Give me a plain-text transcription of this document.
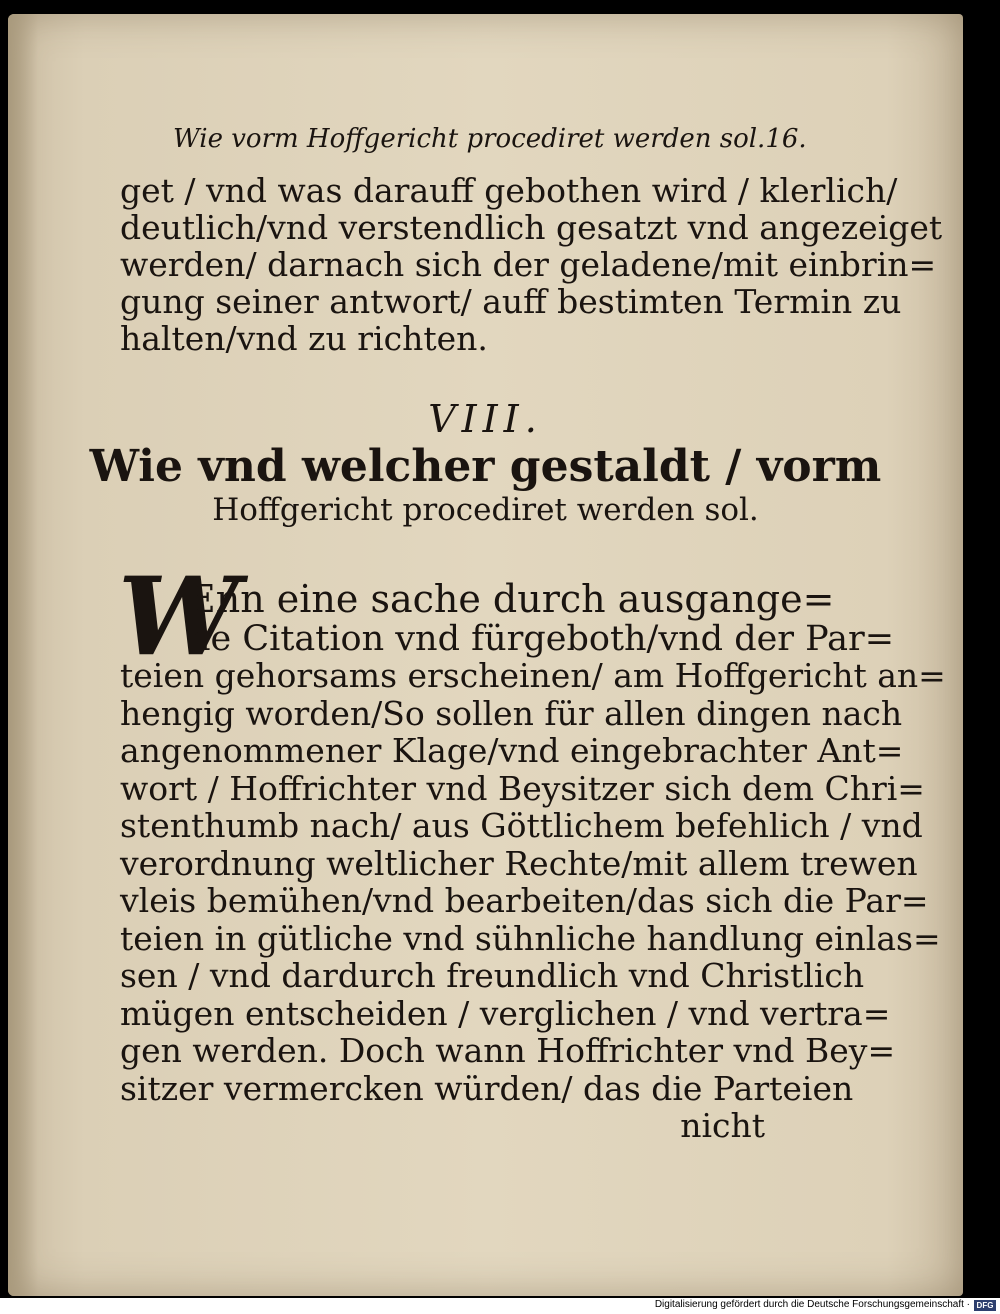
Wie vorm Hoffgericht procediret werden sol. 16.
get / vnd was darauff gebothen wird / klerlich/
deutlich/vnd verstendlich gesatzt vnd angezeiget
werden/ darnach sich der geladene/mit einbrin=
gung seiner antwort/ auff bestimten Termin zu
halten/vnd zu richten.
VIII.
Wie vnd welcher gestaldt / vorm
Hoffgericht procediret werden sol.
W
Enn eine sache durch ausgange=
ne Citation vnd fürgeboth/vnd der Par=
teien gehorsams erscheinen/ am Hoffgericht an=
hengig worden/So sollen für allen dingen nach
angenommener Klage/vnd eingebrachter Ant=
wort / Hoffrichter vnd Beysitzer sich dem Chri=
stenthumb nach/ aus Göttlichem befehlich / vnd
verordnung weltlicher Rechte/mit allem trewen
vleis bemühen/vnd bearbeiten/das sich die Par=
teien in gütliche vnd sühnliche handlung einlas=
sen / vnd dardurch freundlich vnd Christlich
mügen entscheiden / verglichen / vnd vertra=
gen werden. Doch wann Hoffrichter vnd Bey=
sitzer vermercken würden/ das die Parteien
nicht
Digitalisierung gefördert durch die Deutsche Forschungsgemeinschaft · DFG
